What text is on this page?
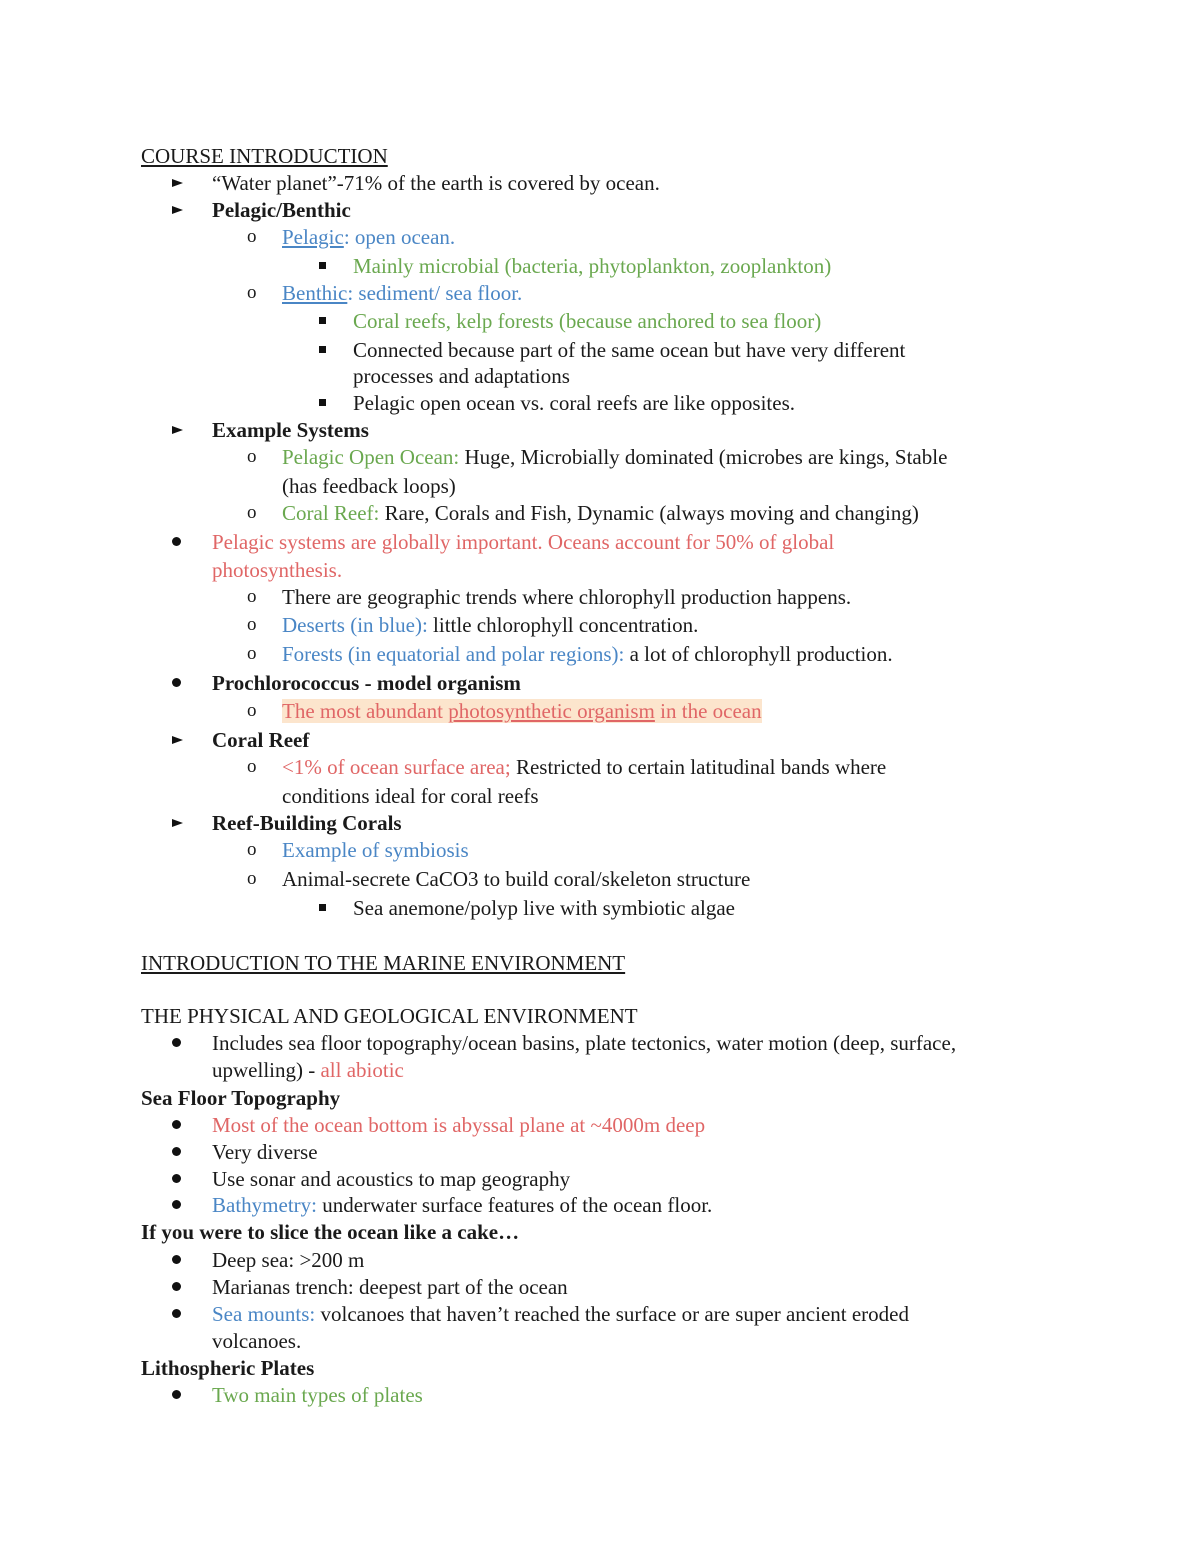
COURSE INTRODUCTION
“Water planet”-71% of the earth is covered by ocean.
Pelagic/Benthic
o Pelagic: open ocean.
Mainly microbial (bacteria, phytoplankton, zooplankton)
o Benthic: sediment/ sea floor.
Coral reefs, kelp forests (because anchored to sea floor)
Connected because part of the same ocean but have very different
processes and adaptations
Pelagic open ocean vs. coral reefs are like opposites.
Example Systems
o Pelagic Open Ocean: Huge, Microbially dominated (microbes are kings, Stable
(has feedback loops)
o Coral Reef: Rare, Corals and Fish, Dynamic (always moving and changing)
Pelagic systems are globally important. Oceans account for 50% of global
photosynthesis.
o There are geographic trends where chlorophyll production happens.
o Deserts (in blue): little chlorophyll concentration.
o Forests (in equatorial and polar regions): a lot of chlorophyll production.
Prochlorococcus - model organism
o The most abundant photosynthetic organism in the ocean
Coral Reef
o <1% of ocean surface area; Restricted to certain latitudinal bands where
conditions ideal for coral reefs
Reef-Building Corals
o Example of symbiosis
o Animal-secrete CaCO3 to build coral/skeleton structure
Sea anemone/polyp live with symbiotic algae
INTRODUCTION TO THE MARINE ENVIRONMENT
THE PHYSICAL AND GEOLOGICAL ENVIRONMENT
Includes sea floor topography/ocean basins, plate tectonics, water motion (deep, surface,
upwelling) - all abiotic
Sea Floor Topography
Most of the ocean bottom is abyssal plane at ~4000m deep
Very diverse
Use sonar and acoustics to map geography
Bathymetry: underwater surface features of the ocean floor.
If you were to slice the ocean like a cake…
Deep sea: >200 m
Marianas trench: deepest part of the ocean
Sea mounts: volcanoes that haven’t reached the surface or are super ancient eroded
volcanoes.
Lithospheric Plates
Two main types of plates
